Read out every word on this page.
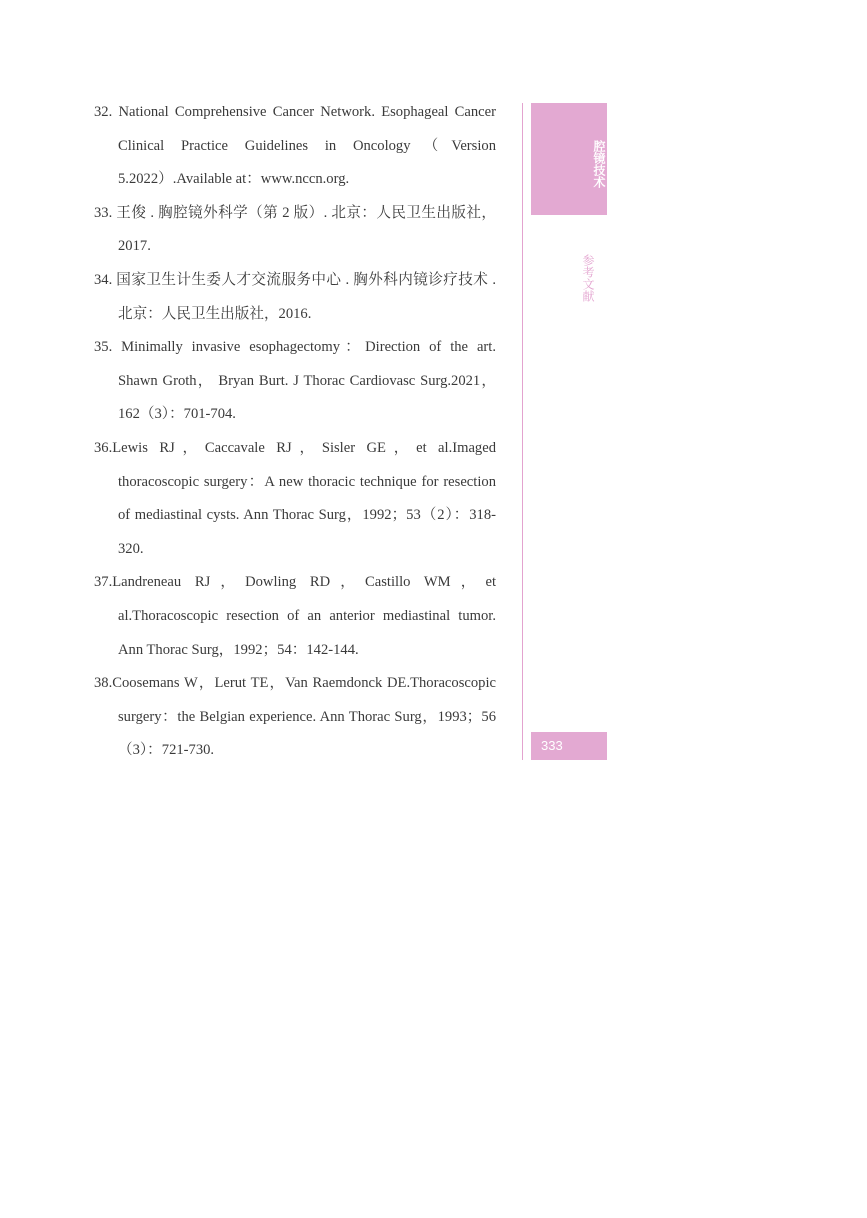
32. National Comprehensive Cancer Network. Esophageal Cancer Clinical Practice Guidelines in Oncology（Version 5.2022）.Available at：www.nccn.org.

33. 王俊 . 胸腔镜外科学（第 2 版）. 北京：人民卫生出版社，2017.

34. 国家卫生计生委人才交流服务中心 . 胸外科内镜诊疗技术 . 北京：人民卫生出版社，2016.

35. Minimally invasive esophagectomy：Direction of the art. Shawn Groth， Bryan Burt. J Thorac Cardiovasc Surg.2021，162（3）：701-704.

36.Lewis RJ，Caccavale RJ，Sisler GE，et al.Imaged thoracoscopic surgery：A new thoracic technique for resection of mediastinal cysts. Ann Thorac Surg，1992；53（2）：318-320.

37.Landreneau RJ，Dowling RD，Castillo WM，et al.Thoracoscopic resection of an anterior mediastinal tumor. Ann Thorac Surg，1992；54：142-144.

38.Coosemans W，Lerut TE，Van Raemdonck DE.Thoracoscopic surgery：the Belgian experience. Ann Thorac Surg，1993；56（3）：721-730.

腔镜技术
参考文献
333
